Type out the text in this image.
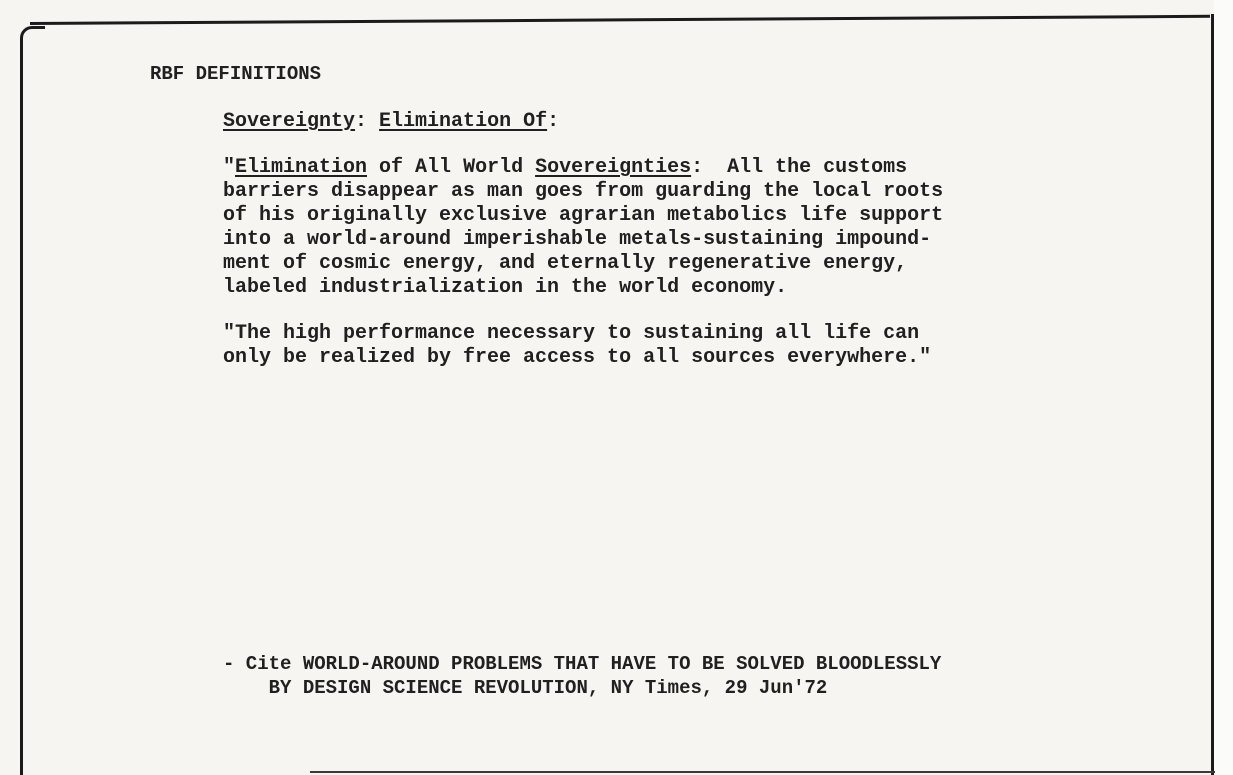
RBF DEFINITIONS
Sovereignty: Elimination Of:
"Elimination of All World Sovereignties:  All the customs
barriers disappear as man goes from guarding the local roots
of his originally exclusive agrarian metabolics life support
into a world-around imperishable metals-sustaining impound-
ment of cosmic energy, and eternally regenerative energy,
labeled industrialization in the world economy.
"The high performance necessary to sustaining all life can
only be realized by free access to all sources everywhere."
- Cite WORLD-AROUND PROBLEMS THAT HAVE TO BE SOLVED BLOODLESSLY
BY DESIGN SCIENCE REVOLUTION, NY Times, 29 Jun'72
